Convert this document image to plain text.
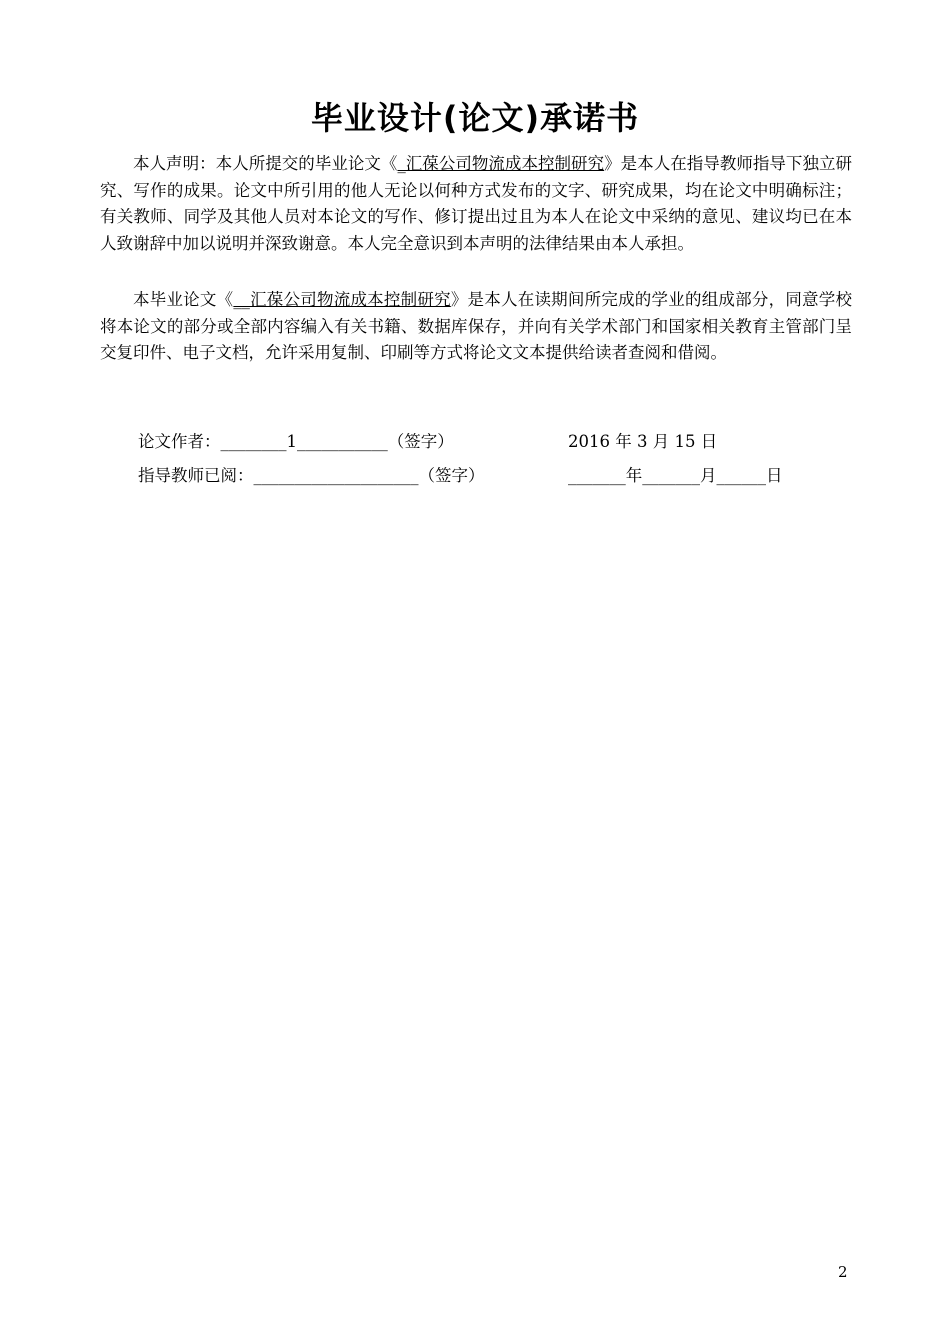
毕业设计(论文)承诺书

本人声明：本人所提交的毕业论文《_汇葆公司物流成本控制研究》是本人在指导教师指导下独立研究、写作的成果。论文中所引用的他人无论以何种方式发布的文字、研究成果，均在论文中明确标注；有关教师、同学及其他人员对本论文的写作、修订提出过且为本人在论文中采纳的意见、建议均已在本人致谢辞中加以说明并深致谢意。本人完全意识到本声明的法律结果由本人承担。

本毕业论文《__汇葆公司物流成本控制研究》是本人在读期间所完成的学业的组成部分，同意学校将本论文的部分或全部内容编入有关书籍、数据库保存，并向有关学术部门和国家相关教育主管部门呈交复印件、电子文档，允许采用复制、印刷等方式将论文文本提供给读者查阅和借阅。

论文作者：________1___________（签字）	2016 年 3 月 15 日

指导教师已阅：____________________（签字）	_______年_______月______日
2
